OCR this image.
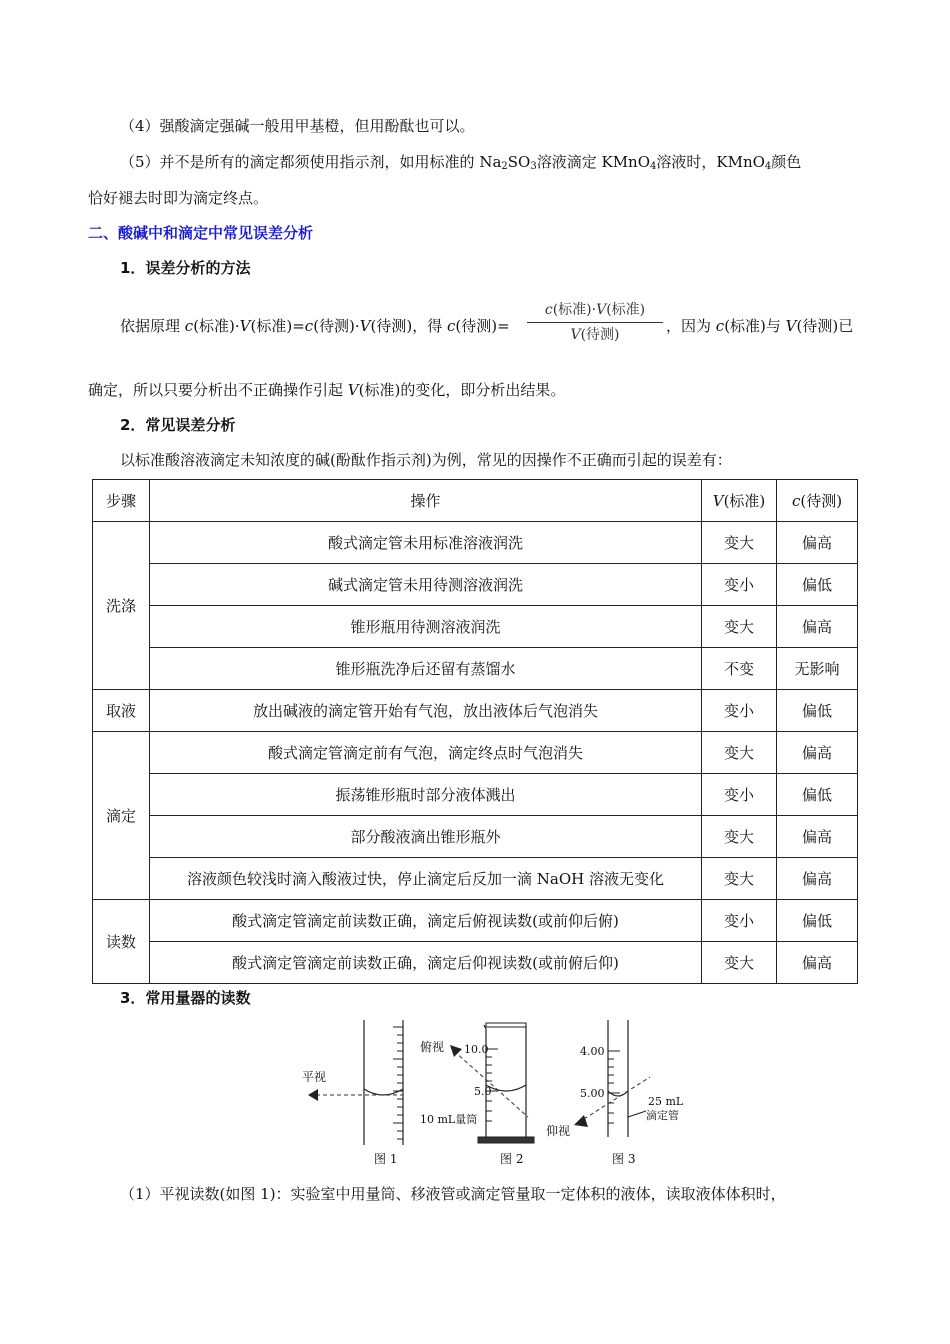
（4）强酸滴定强碱一般用甲基橙，但用酚酞也可以。
（5）并不是所有的滴定都须使用指示剂，如用标准的 $Na_2SO_3$溶液滴定 KMnO$_4$溶液时，KMnO$_4$颜色
恰好褪去时即为滴定终点。
二、酸碱中和滴定中常见误差分析
1．误差分析的方法
依据原理 c(标准)·V(标准)=c(待测)·V(待测)，得 c(待测)=
c(标准)·V(标准)
V(待测)	，因为 c(标准)与 V(待测)已
确定，所以只要分析出不正确操作引起 V(标准)的变化，即分析出结果。
2．常见误差分析
以标准酸溶液滴定未知浓度的碱(酚酞作指示剂)为例，常见的因操作不正确而引起的误差有：
步骤	操作	V(标准)	c(待测)
洗涤	酸式滴定管未用标准溶液润洗	变大	偏高
	碱式滴定管未用待测溶液润洗	变小	偏低
	锥形瓶用待测溶液润洗	变大	偏高
	锥形瓶洗净后还留有蒸馏水	不变	无影响
取液	放出碱液的滴定管开始有气泡，放出液体后气泡消失	变小	偏低
滴定	酸式滴定管滴定前有气泡，滴定终点时气泡消失	变大	偏高
	振荡锥形瓶时部分液体溅出	变小	偏低
	部分酸液滴出锥形瓶外	变大	偏高
	溶液颜色较浅时滴入酸液过快，停止滴定后反加一滴 NaOH 溶液无变化	变大	偏高
读数	酸式滴定管滴定前读数正确，滴定后俯视读数(或前仰后俯)	变小	偏低
	酸式滴定管滴定前读数正确，滴定后仰视读数(或前俯后仰)	变大	偏高
3．常用量器的读数
平视
图 1
俯视 10.0
5.0
10 mL量筒
图 2
4.00
5.00
仰视
25 mL
滴定管
图 3
（1）平视读数(如图 1)：实验室中用量筒、移液管或滴定管量取一定体积的液体，读取液体体积时，
